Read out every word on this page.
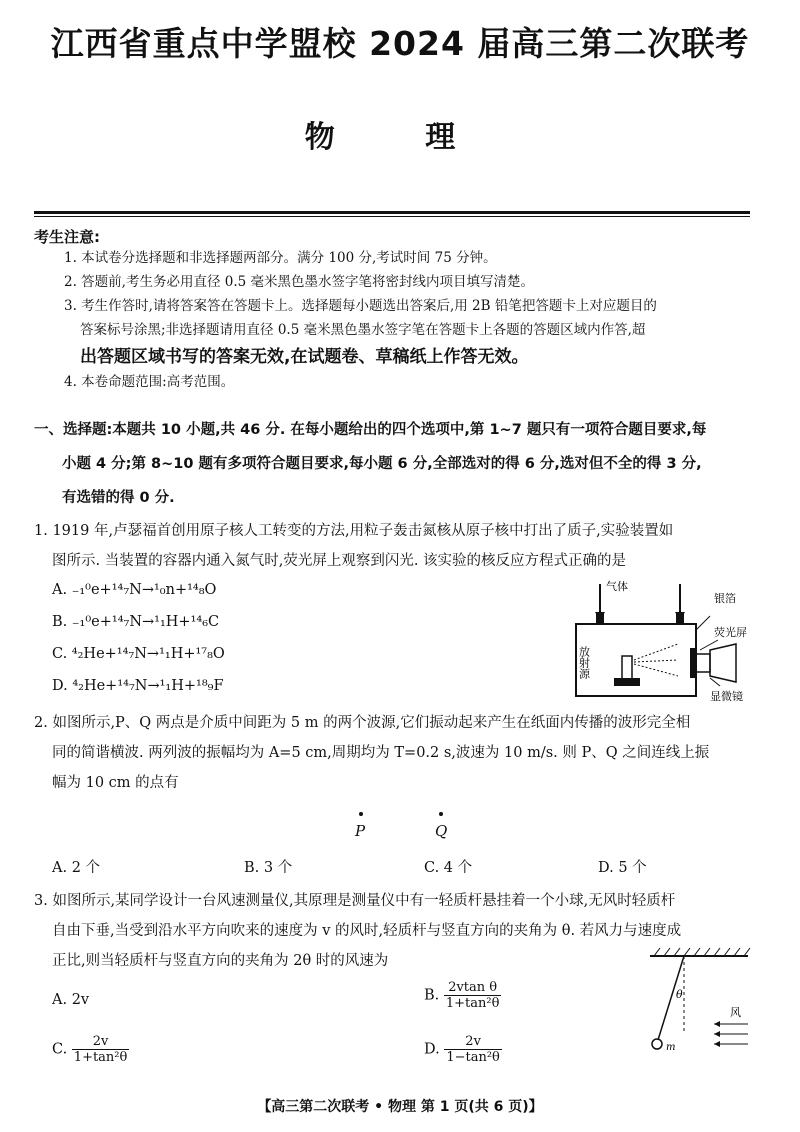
江西省重点中学盟校 2024 届高三第二次联考
物 理
考生注意:
1. 本试卷分选择题和非选择题两部分。满分 100 分,考试时间 75 分钟。
2. 答题前,考生务必用直径 0.5 毫米黑色墨水签字笔将密封线内项目填写清楚。
3. 考生作答时,请将答案答在答题卡上。选择题每小题选出答案后,用 2B 铅笔把答题卡上对应题目的
答案标号涂黑;非选择题请用直径 0.5 毫米黑色墨水签字笔在答题卡上各题的答题区域内作答,超
出答题区域书写的答案无效,在试题卷、草稿纸上作答无效。
4. 本卷命题范围:高考范围。
一、选择题:本题共 10 小题,共 46 分. 在每小题给出的四个选项中,第 1~7 题只有一项符合题目要求,每
小题 4 分;第 8~10 题有多项符合题目要求,每小题 6 分,全部选对的得 6 分,选对但不全的得 3 分,
有选错的得 0 分.
1. 1919 年,卢瑟福首创用原子核人工转变的方法,用粒子轰击氮核从原子核中打出了质子,实验装置如
图所示. 当装置的容器内通入氮气时,荧光屏上观察到闪光. 该实验的核反应方程式正确的是
A. ₋₁⁰e+¹⁴₇N→¹₀n+¹⁴₈O
B. ₋₁⁰e+¹⁴₇N→¹₁H+¹⁴₆C
C. ⁴₂He+¹⁴₇N→¹₁H+¹⁷₈O
D. ⁴₂He+¹⁴₇N→¹₁H+¹⁸₉F
气体
银箔
荧光屏
放射源
显微镜
2. 如图所示,P、Q 两点是介质中间距为 5 m 的两个波源,它们振动起来产生在纸面内传播的波形完全相
同的简谐横波. 两列波的振幅均为 A=5 cm,周期均为 T=0.2 s,波速为 10 m/s. 则 P、Q 之间连线上振
幅为 10 cm 的点有
P	Q
A. 2 个	B. 3 个	C. 4 个	D. 5 个
3. 如图所示,某同学设计一台风速测量仪,其原理是测量仪中有一轻质杆悬挂着一个小球,无风时轻质杆
自由下垂,当受到沿水平方向吹来的速度为 v 的风时,轻质杆与竖直方向的夹角为 θ. 若风力与速度成
正比,则当轻质杆与竖直方向的夹角为 2θ 时的风速为
A. 2v	B. $\frac{\text{2vtan θ}}{\text{1+tan²θ}}$
C. $\frac{2v}{\text{1+tan²θ}}$	D. $\frac{2v}{\text{1−tan²θ}}$
θ
m
风
【高三第二次联考 • 物理 第 1 页(共 6 页)】
